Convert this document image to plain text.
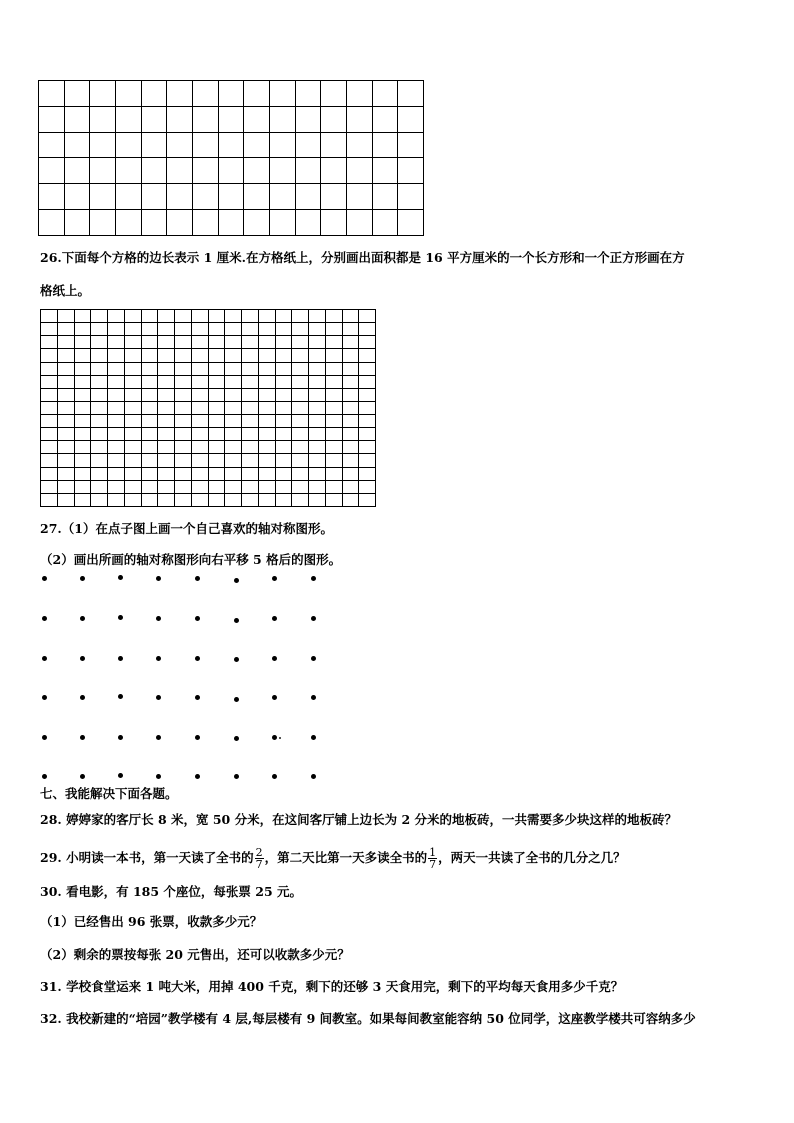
26.下面每个方格的边长表示 1 厘米.在方格纸上，分别画出面积都是 16 平方厘米的一个长方形和一个正方形画在方
格纸上。

27.（1）在点子图上画一个自己喜欢的轴对称图形。
（2）画出所画的轴对称图形向右平移 5 格后的图形。
七、我能解决下面各题。
28. 婷婷家的客厅长 8 米，宽 50 分米，在这间客厅铺上边长为 2 分米的地板砖，一共需要多少块这样的地板砖？
29. 小明读一本书，第一天读了全书的 $\frac{2}{7}$ ，第二天比第一天多读全书的 $\frac{1}{7}$ ，两天一共读了全书的几分之几？
30. 看电影，有 185 个座位，每张票 25 元。
（1）已经售出 96 张票，收款多少元？
（2）剩余的票按每张 20 元售出，还可以收款多少元？
31. 学校食堂运来 1 吨大米，用掉 400 千克，剩下的还够 3 天食用完，剩下的平均每天食用多少千克？
32. 我校新建的“培园”教学楼有 4 层,每层楼有 9 间教室。如果每间教室能容纳 50 位同学，这座教学楼共可容纳多少
